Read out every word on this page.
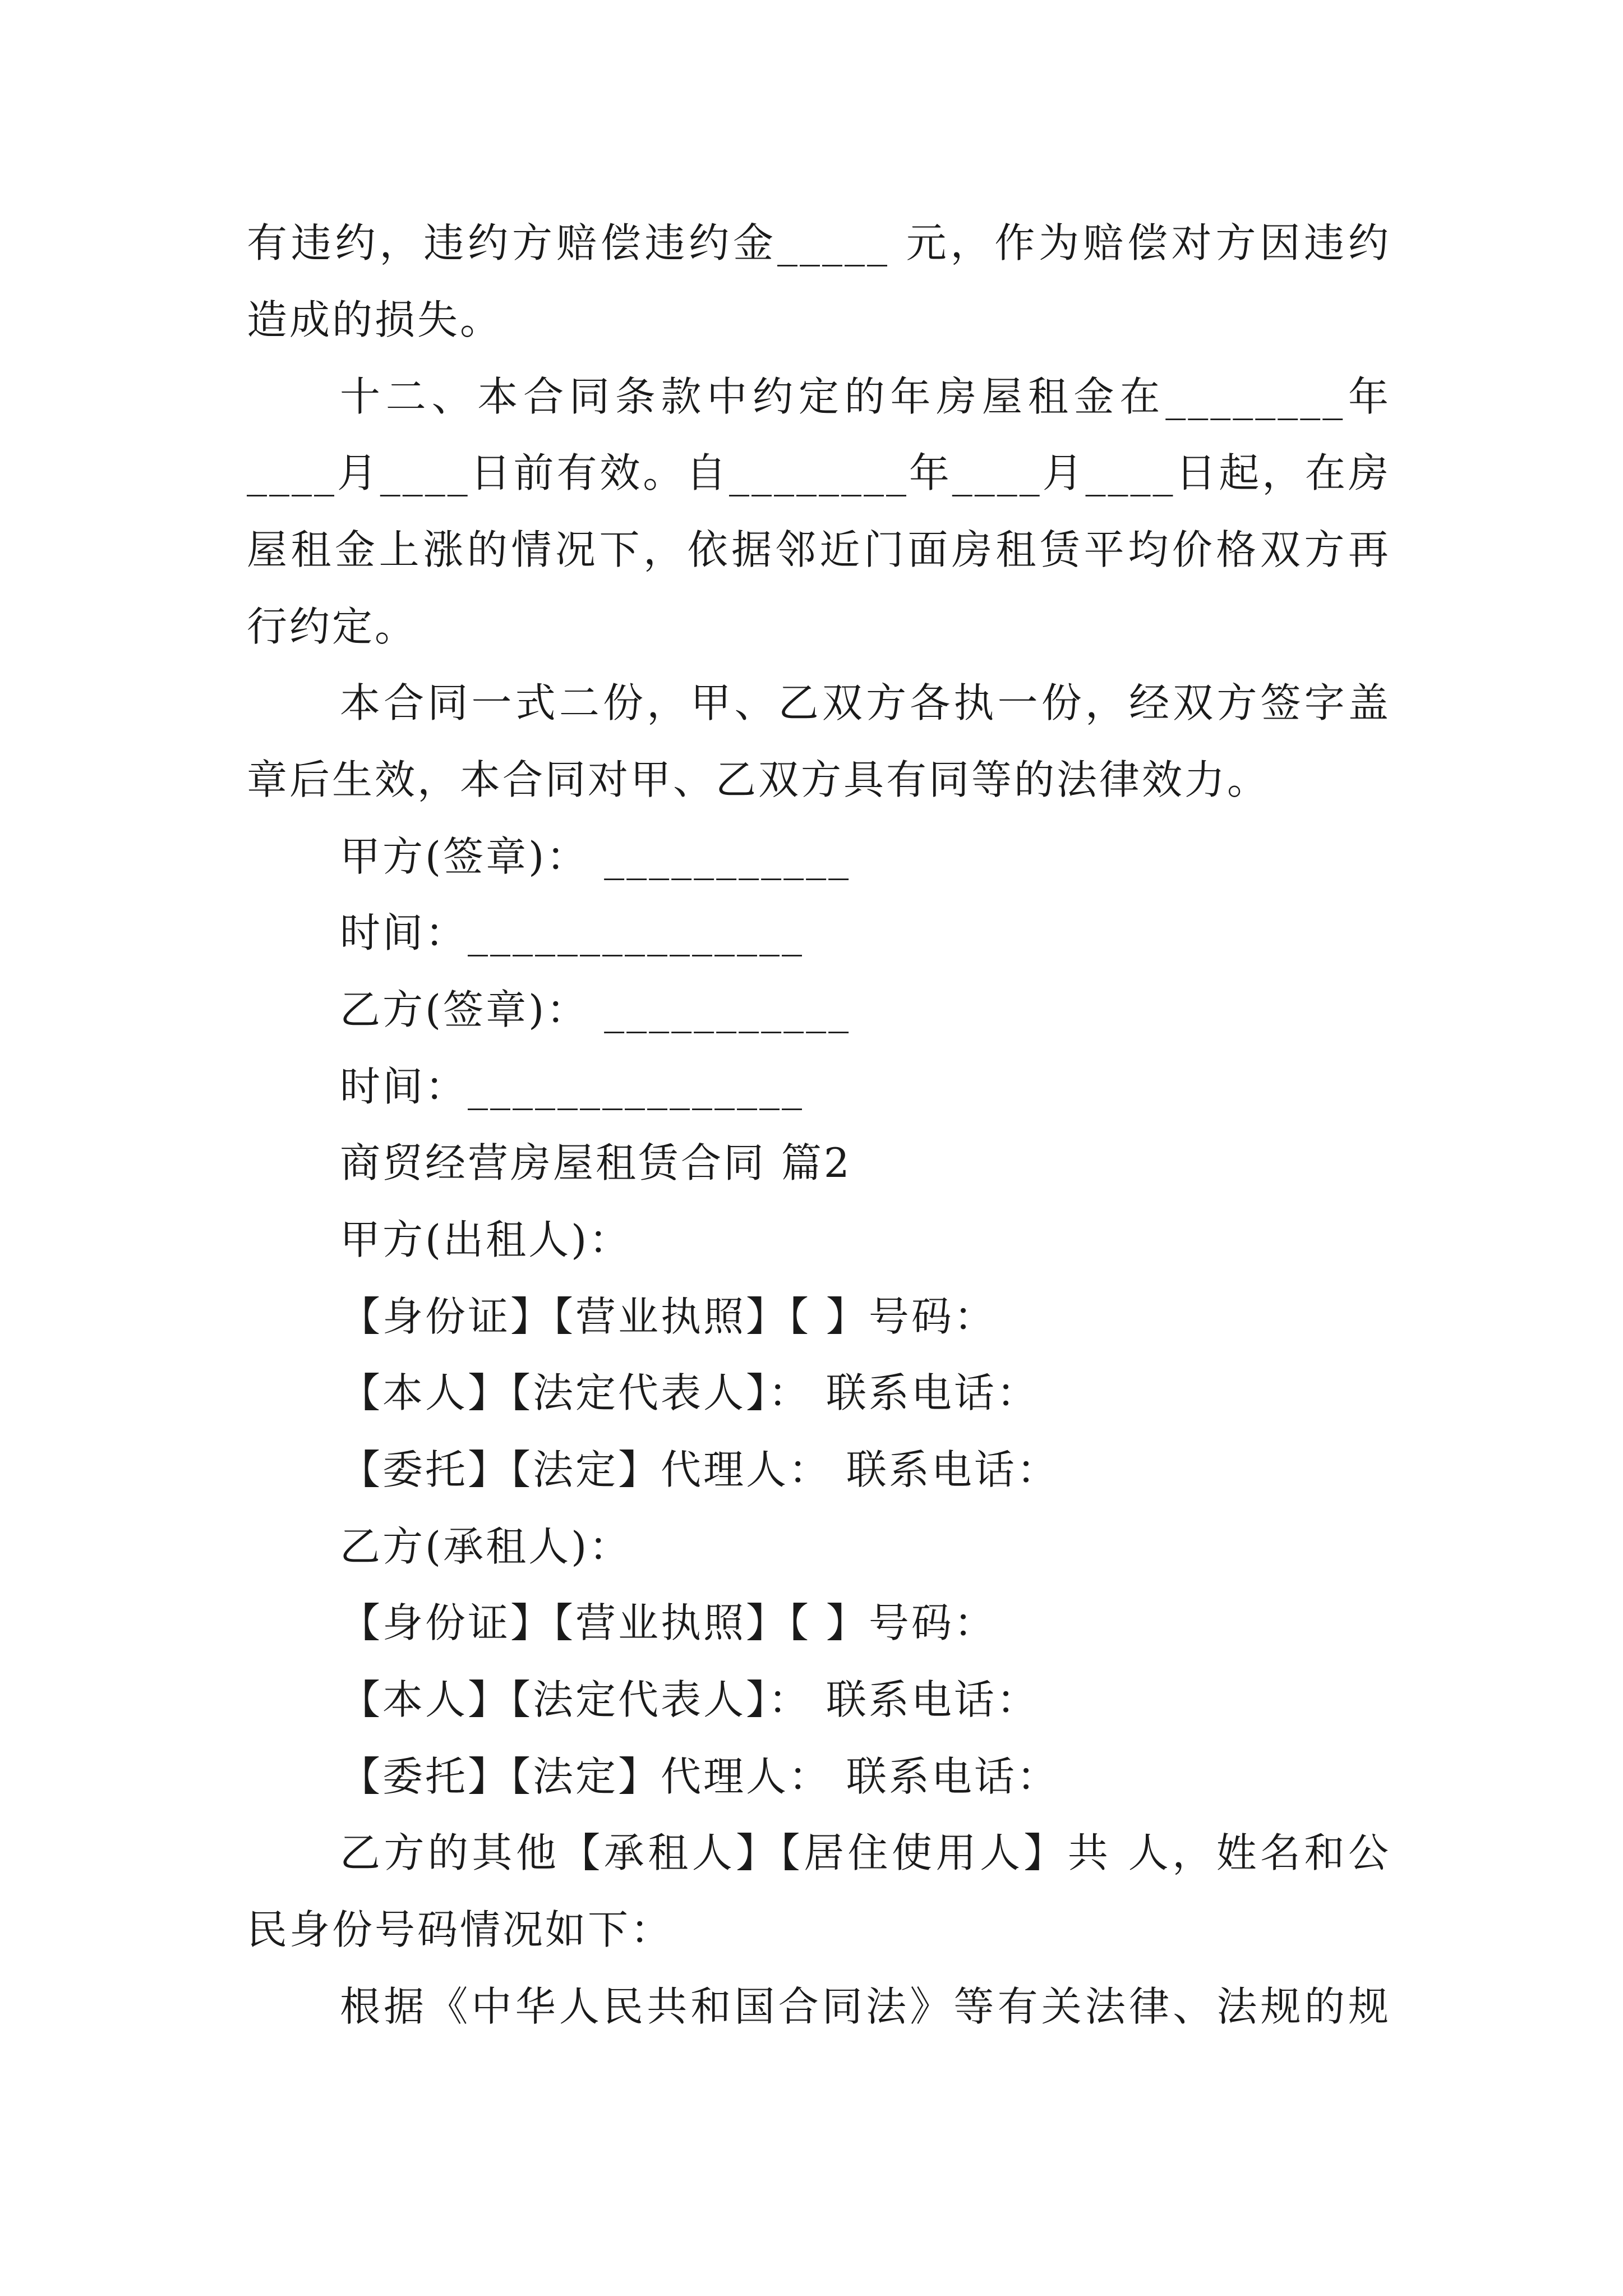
有违约，违约方赔偿违约金_____ 元，作为赔偿对方因违约
造成的损失。
十二、本合同条款中约定的年房屋租金在________年
____月____日前有效。自________年____月____日起，在房
屋租金上涨的情况下，依据邻近门面房租赁平均价格双方再
行约定。
本合同一式二份，甲、乙双方各执一份，经双方签字盖
章后生效，本合同对甲、乙双方具有同等的法律效力。
甲方(签章)： ___________
时间：_______________
乙方(签章)： ___________
时间：_______________
商贸经营房屋租赁合同 篇2
甲方(出租人)：
【身份证】【营业执照】【 】号码：
【本人】【法定代表人】： 联系电话：
【委托】【法定】代理人： 联系电话：
乙方(承租人)：
【身份证】【营业执照】【 】号码：
【本人】【法定代表人】： 联系电话：
【委托】【法定】代理人： 联系电话：
乙方的其他【承租人】【居住使用人】共 人，姓名和公
民身份号码情况如下：
根据《中华人民共和国合同法》等有关法律、法规的规
